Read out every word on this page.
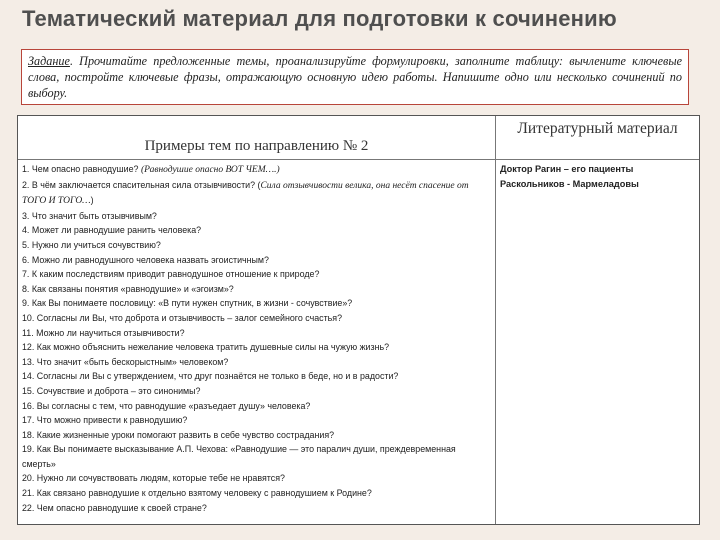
Тематический материал для подготовки к сочинению
Задание. Прочитайте предложенные темы, проанализируйте формулировки, заполните таблицу: вычлените ключевые слова, постройте ключевые фразы, отражающую основную идею работы. Напишите одно или несколько сочинений по выбору.
Примеры тем по направлению № 2
Литературный материал
1. Чем опасно равнодушие? (Равнодушие опасно ВОТ ЧЕМ….)
2. В чём заключается спасительная сила отзывчивости? (Сила отзывчивости велика, она несёт спасение от ТОГО И ТОГО…)
3. Что значит быть отзывчивым?
4. Может ли равнодушие ранить человека?
5. Нужно ли учиться сочувствию?
6. Можно ли равнодушного человека назвать эгоистичным?
7. К каким последствиям приводит равнодушное отношение к природе?
8. Как связаны понятия «равнодушие» и «эгоизм»?
9. Как Вы понимаете пословицу: «В пути нужен спутник, в жизни - сочувствие»?
10. Согласны ли Вы, что доброта и отзывчивость – залог семейного счастья?
11. Можно ли научиться отзывчивости?
12. Как можно объяснить нежелание человека тратить душевные силы на чужую жизнь?
13. Что значит «быть бескорыстным» человеком?
14. Согласны ли Вы с утверждением, что друг познаётся не только в беде, но и в радости?
15. Сочувствие и доброта – это синонимы?
16. Вы согласны с тем, что равнодушие «разъедает душу» человека?
17. Что можно привести к равнодушию?
18. Какие жизненные уроки помогают развить в себе чувство сострадания?
19. Как Вы понимаете высказывание А.П. Чехова: «Равнодушие — это паралич души, преждевременная смерть»
20. Нужно ли сочувствовать людям, которые тебе не нравятся?
21. Как связано равнодушие к отдельно взятому человеку с равнодушием к Родине?
22. Чем опасно равнодушие к своей стране?
Доктор Рагин – его пациенты
Раскольников - Мармеладовы
